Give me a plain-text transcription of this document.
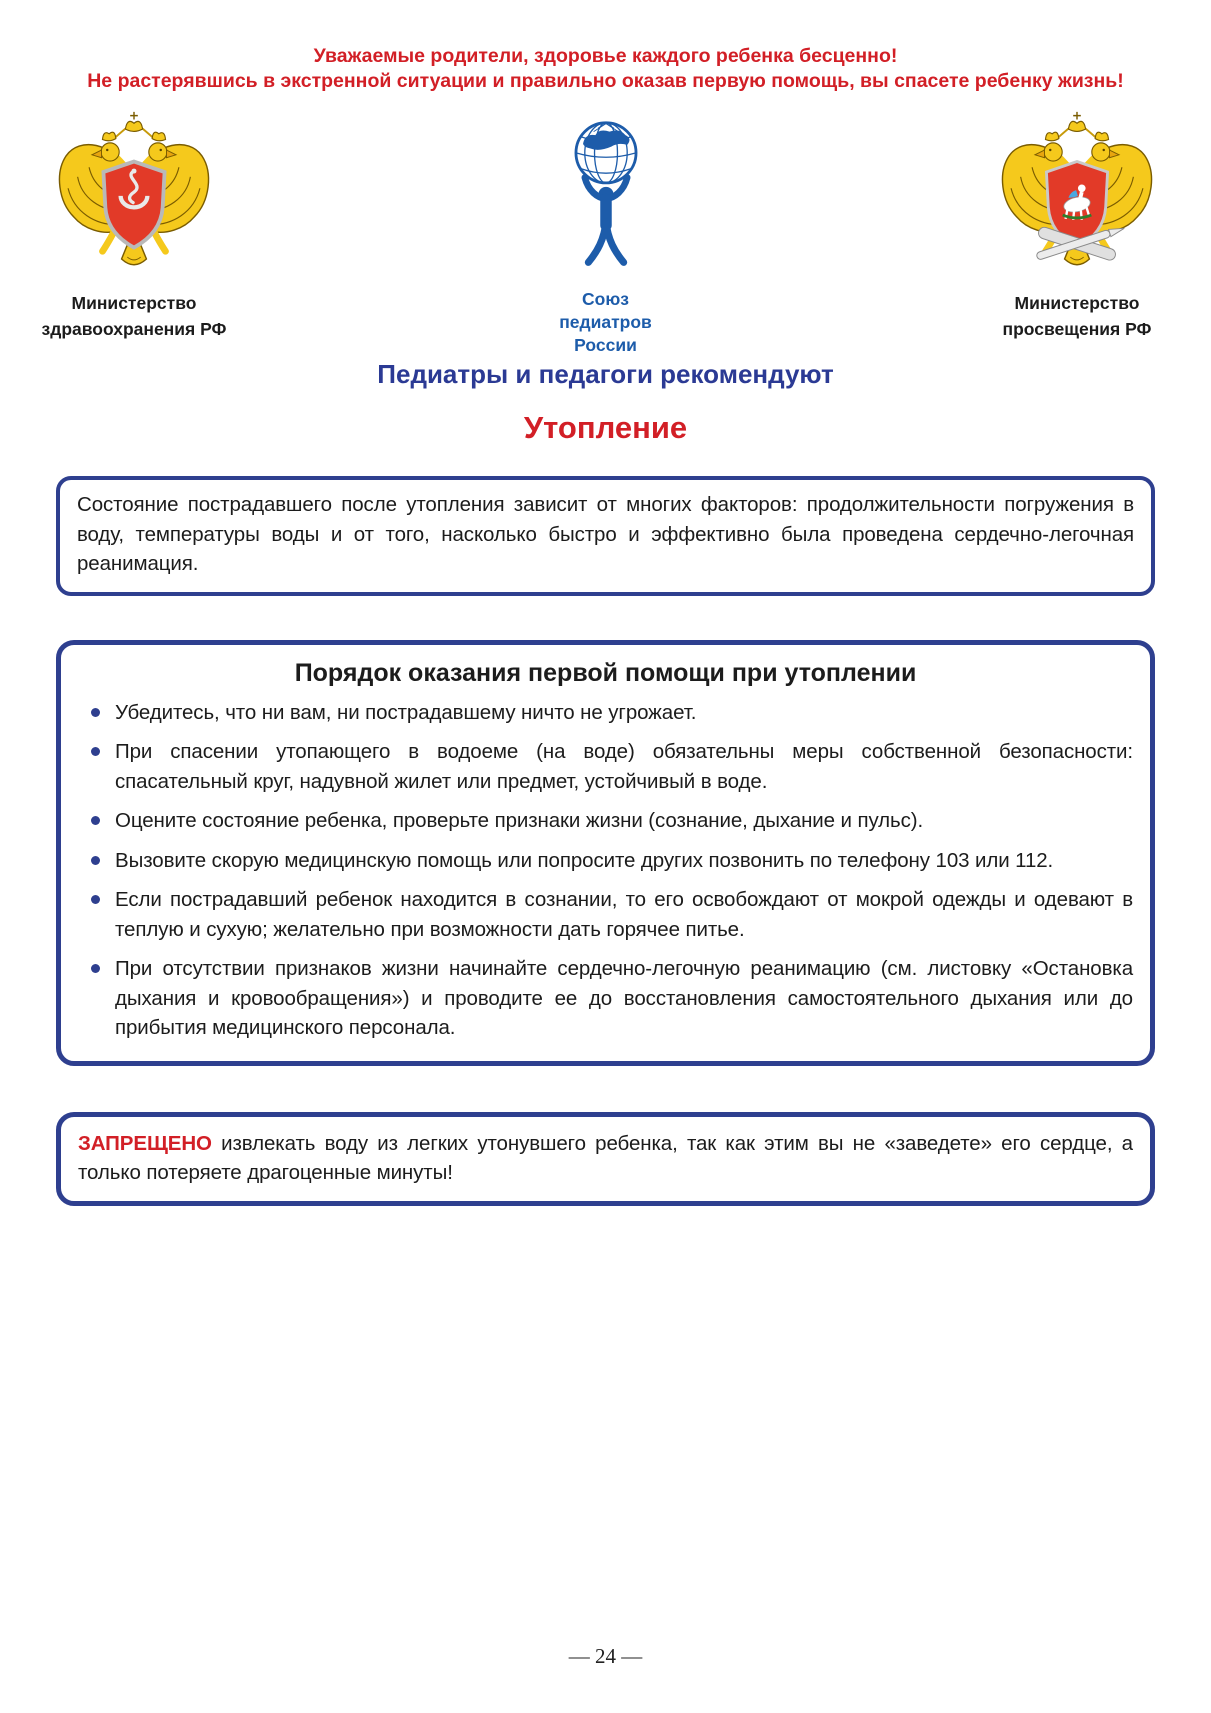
Уважаемые родители, здоровье каждого ребенка бесценно!
Не растерявшись в экстренной ситуации и правильно оказав первую помощь, вы спасете ребенку жизнь!
Министерство
здравоохранения РФ
Союз
педиатров
России
Министерство
просвещения РФ
Педиатры и педагоги рекомендуют
Утопление

Состояние пострадавшего после утопления зависит от многих факторов: продолжительности погружения в воду, температуры воды и от того, насколько быстро и эффективно была проведена сердечно-легочная реанимация.

Порядок оказания первой помощи при утоплении
Убедитесь, что ни вам, ни пострадавшему ничто не угрожает.
При спасении утопающего в водоеме (на воде) обязательны меры собственной безопасности: спасательный круг, надувной жилет или предмет, устойчивый в воде.
Оцените состояние ребенка, проверьте признаки жизни (сознание, дыхание и пульс).
Вызовите скорую медицинскую помощь или попросите других позвонить по телефону 103 или 112.
Если пострадавший ребенок находится в сознании, то его освобождают от мокрой одежды и одевают в теплую и сухую; желательно при возможности дать горячее питье.
При отсутствии признаков жизни начинайте сердечно-легочную реанимацию (см. листовку «Остановка дыхания и кровообращения») и проводите ее до восстановления самостоятельного дыхания или до прибытия медицинского персонала.

ЗАПРЕЩЕНО извлекать воду из легких утонувшего ребенка, так как этим вы не «заведете» его сердце, а только потеряете драгоценные минуты!

— 24 —
